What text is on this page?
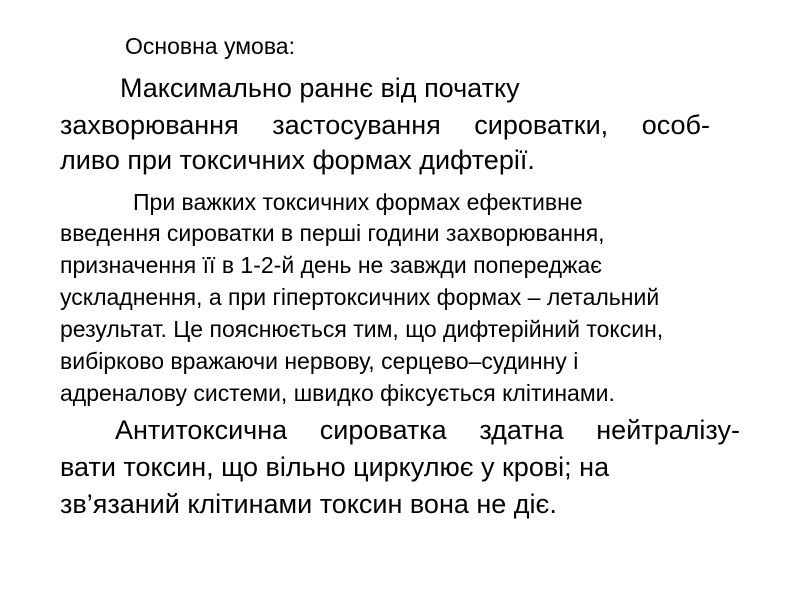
Основна умова:

Максимально раннє від початку

захворювання застосування сироватки, особ-

ливо при токсичних формах дифтерії.

При важких токсичних формах ефективне

введення сироватки в перші години захворювання,

призначення її в 1-2-й день не завжди попереджає

ускладнення, а при гіпертоксичних формах – летальний

результат. Це пояснюється тим, що дифтерійний токсин,

вибірково вражаючи нервову, серцево–судинну і

адреналову системи, швидко фіксується клітинами.

Антитоксична сироватка здатна нейтралізу-

вати токсин, що вільно циркулює у крові; на

зв’язаний клітинами токсин вона не діє.
